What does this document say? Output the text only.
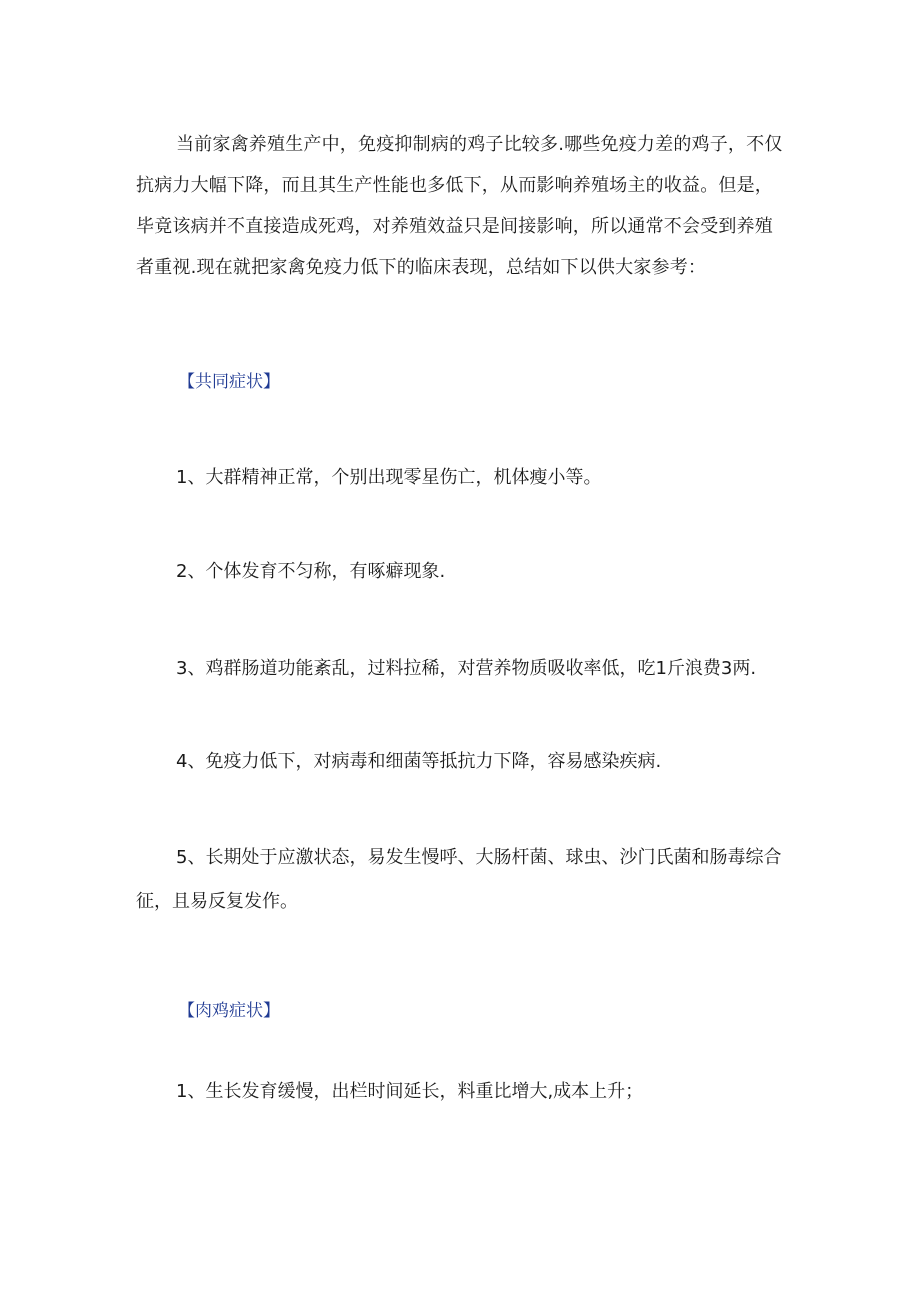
当前家禽养殖生产中，免疫抑制病的鸡子比较多.哪些免疫力差的鸡子，不仅抗病力大幅下降，而且其生产性能也多低下，从而影响养殖场主的收益。但是，毕竟该病并不直接造成死鸡，对养殖效益只是间接影响，所以通常不会受到养殖者重视.现在就把家禽免疫力低下的临床表现，总结如下以供大家参考：

【共同症状】

1、大群精神正常，个别出现零星伤亡，机体瘦小等。

2、个体发育不匀称，有啄癖现象.

3、鸡群肠道功能紊乱，过料拉稀，对营养物质吸收率低，吃1斤浪费3两.

4、免疫力低下，对病毒和细菌等抵抗力下降，容易感染疾病.

5、长期处于应激状态，易发生慢呼、大肠杆菌、球虫、沙门氏菌和肠毒综合征，且易反复发作。

【肉鸡症状】

1、生长发育缓慢，出栏时间延长，料重比增大,成本上升；
